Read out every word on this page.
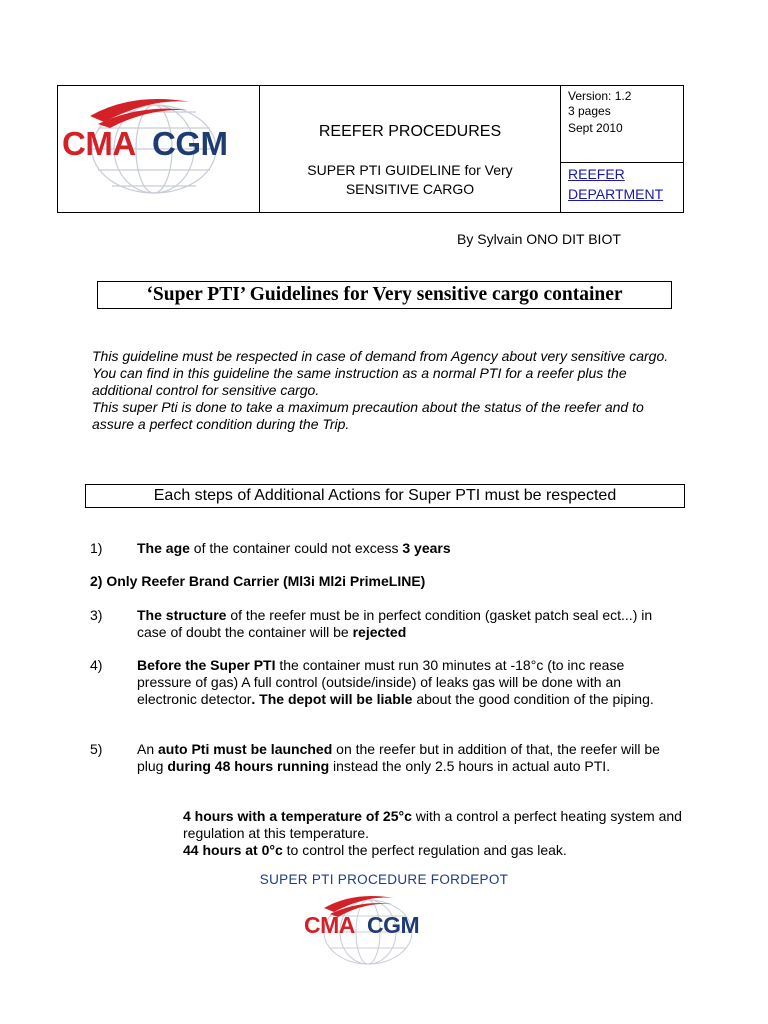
CMA CGM	REEFER PROCEDURES
SUPER PTI GUIDELINE for Very
SENSITIVE CARGO
Version: 1.2
3 pages
Sept 2010
REEFER
DEPARTMENT
By Sylvain ONO DIT BIOT
‘Super PTI’ Guidelines for Very sensitive cargo container

This guideline must be respected in case of demand from Agency about very sensitive cargo. You can find in this guideline the same instruction as a normal PTI for a reefer plus the additional control for sensitive cargo.

This super Pti is done to take a maximum precaution about the status of the reefer and to assure a perfect condition during the Trip.

Each steps of Additional Actions for Super PTI must be respected
1) The age of the container could not excess 3 years
2) Only Reefer Brand Carrier (Ml3i Ml2i PrimeLINE)
3) The structure of the reefer must be in perfect condition (gasket patch seal ect...) in case of doubt the container will be rejected
4) Before the Super PTI the container must run 30 minutes at -18°c (to inc rease pressure of gas) A full control (outside/inside) of leaks gas will be done with an electronic detector. The depot will be liable about the good condition of the piping.
5) An auto Pti must be launched on the reefer but in addition of that, the reefer will be plug during 48 hours running instead the only 2.5 hours in actual auto PTI.
4 hours with a temperature of 25°c with a control a perfect heating system and regulation at this temperature.
44 hours at 0°c to control the perfect regulation and gas leak.
SUPER PTI PROCEDURE FORDEPOT
CMA CGM
